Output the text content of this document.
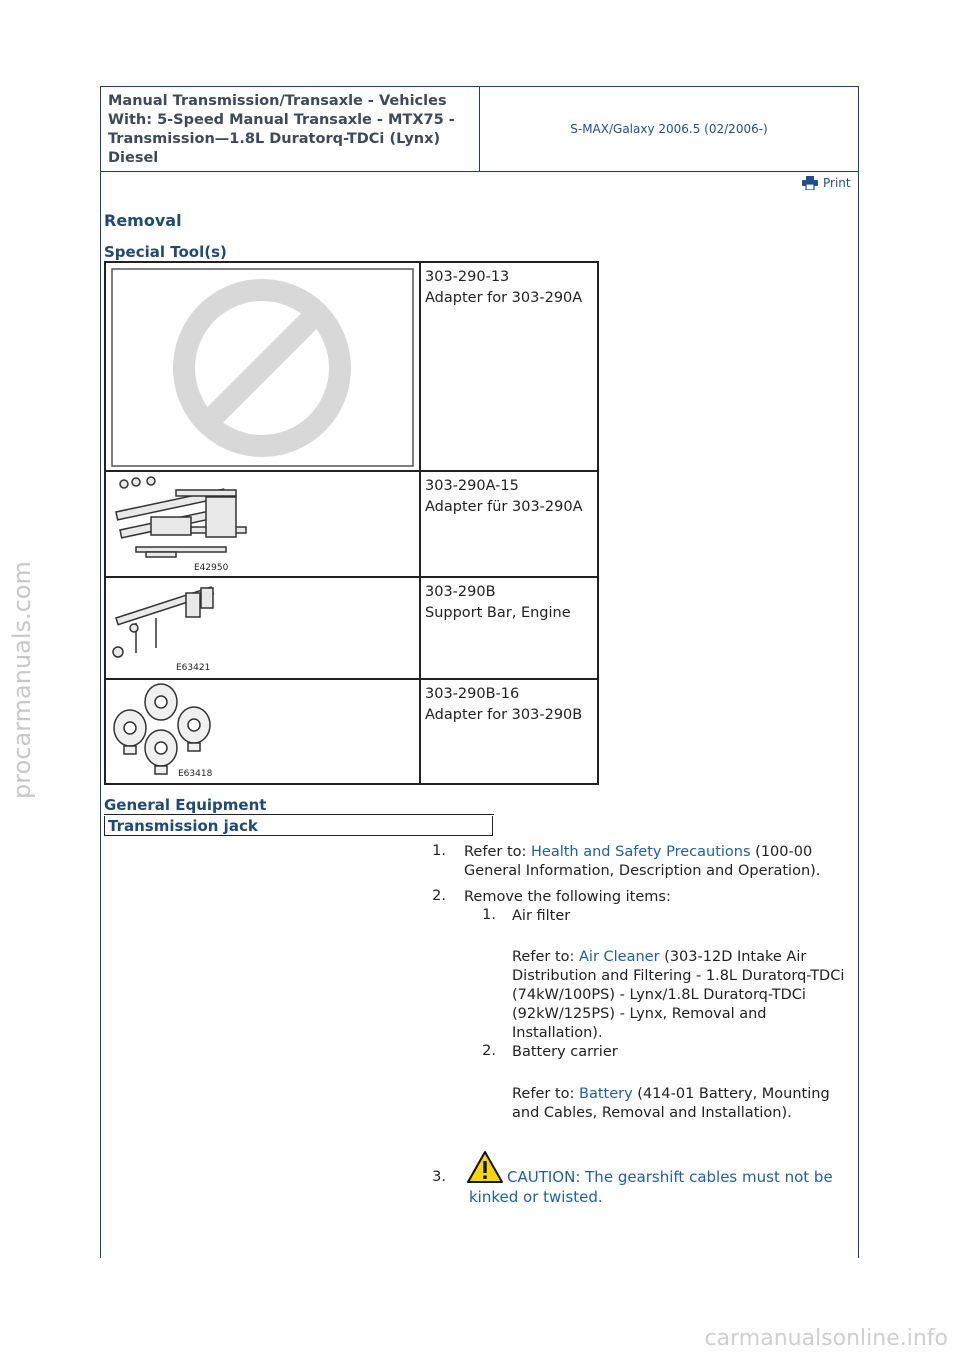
procarmanuals.com
Manual Transmission/Transaxle - Vehicles With: 5-Speed Manual Transaxle - MTX75 - Transmission—1.8L Duratorq-TDCi (Lynx) Diesel
S-MAX/Galaxy 2006.5 (02/2006-)
Print
Removal
Special Tool(s)
303-290-13
Adapter for 303-290A
E42950
303-290A-15
Adapter für 303-290A
E63421
303-290B
Support Bar, Engine
E63418
303-290B-16
Adapter for 303-290B
General Equipment
Transmission jack
1. Refer to: Health and Safety Precautions (100-00 General Information, Description and Operation).
2. Remove the following items:
1. Air filter
Refer to: Air Cleaner (303-12D Intake Air Distribution and Filtering - 1.8L Duratorq-TDCi (74kW/100PS) - Lynx/1.8L Duratorq-TDCi (92kW/125PS) - Lynx, Removal and Installation).
2. Battery carrier
Refer to: Battery (414-01 Battery, Mounting and Cables, Removal and Installation).
3.	CAUTION: The gearshift cables must not be kinked or twisted.
carmanualsonline.info
